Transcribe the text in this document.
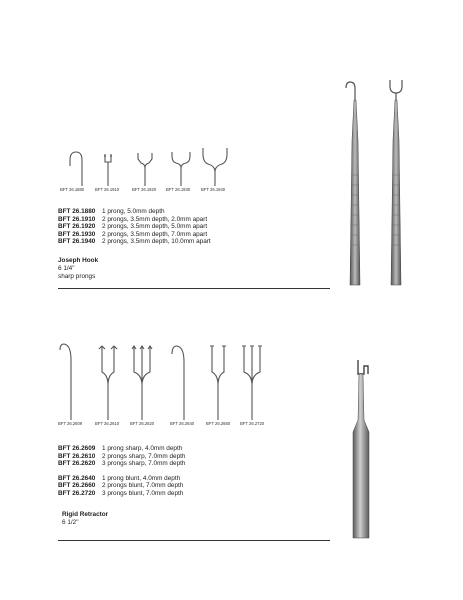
BFT 26.1880	BFT 26.1910	BFT 26.1920 BFT 26.1930	BFT 26.1940
BFT 26.1880	1 prong, 5.0mm depth
BFT 26.1910	2 prongs, 3.5mm depth, 2.0mm apart
BFT 26.1920	2 prongs, 3.5mm depth, 5.0mm apart
BFT 26.1930	2 prongs, 3.5mm depth, 7.0mm apart
BFT 26.1940	2 prongs, 3.5mm depth, 10.0mm apart
Joseph Hook
6 1/4"
sharp prongs
BFT 26.2609	BFT 26.2610	BFT 26.2620	BFT 26.2640	BFT 26.2660 BFT 26.2720
BFT 26.2609	1 prong sharp, 4.0mm depth
BFT 26.2610	2 prongs sharp, 7.0mm depth
BFT 26.2620	3 prongs sharp, 7.0mm depth
BFT 26.2640	1 prong blunt, 4.0mm depth
BFT 26.2660	2 prongs blunt, 7.0mm depth
BFT 26.2720	3 prongs blunt, 7.0mm depth
Rigid Retractor
6 1/2"
